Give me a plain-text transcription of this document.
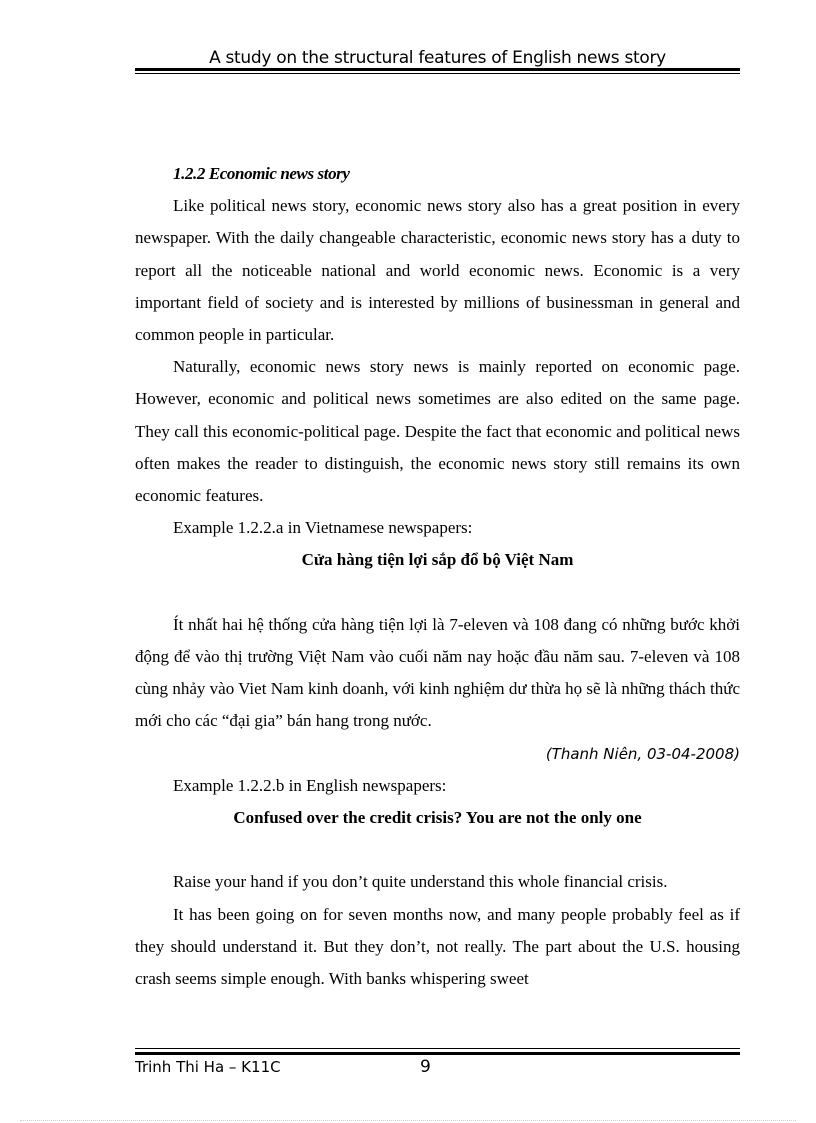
A study on the structural features of English news story
1.2.2 Economic news story

Like political news story, economic news story also has a great position in every newspaper. With the daily changeable characteristic, economic news story has a duty to report all the noticeable national and world economic news. Economic is a very important field of society and is interested by millions of businessman in general and common people in particular.

Naturally, economic news story news is mainly reported on economic page. However, economic and political news sometimes are also edited on the same page. They call this economic-political page. Despite the fact that economic and political news often makes the reader to distinguish, the economic news story still remains its own economic features.

Example 1.2.2.a in Vietnamese newspapers:

Cửa hàng tiện lợi sắp đổ bộ Việt Nam

Ít nhất hai hệ thống cửa hàng tiện lợi là 7-eleven và 108 đang có những bước khởi động để vào thị trường Việt Nam vào cuối năm nay hoặc đầu năm sau. 7-eleven và 108 cùng nhảy vào Viet Nam kinh doanh, với kinh nghiệm dư thừa họ sẽ là những thách thức mới cho các “đại gia” bán hang trong nước.

(Thanh Niên, 03-04-2008)

Example 1.2.2.b in English newspapers:

Confused over the credit crisis? You are not the only one

Raise your hand if you don’t quite understand this whole financial crisis.

It has been going on for seven months now, and many people probably feel as if they should understand it. But they don’t, not really. The part about the U.S. housing crash seems simple enough. With banks whispering sweet

Trinh Thi Ha – K11C	9
